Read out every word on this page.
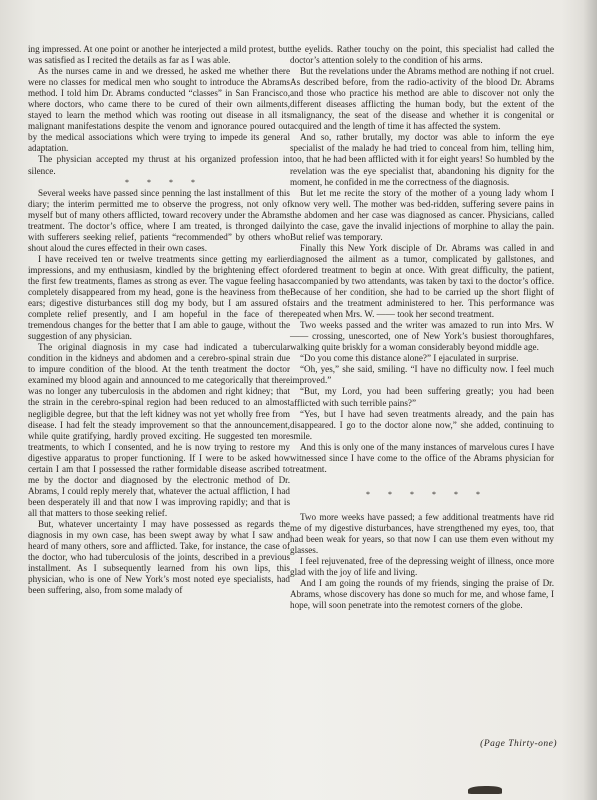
ing impressed. At one point or another he interjected a mild protest, but was satisfied as I recited the details as far as I was able.

As the nurses came in and we dressed, he asked me whether there were no classes for medical men who sought to introduce the Abrams method. I told him Dr. Abrams conducted “classes” in San Francisco, where doctors, who came there to be cured of their own ailments, stayed to learn the method which was rooting out disease in all its malignant manifestations despite the venom and ignorance poured out by the medical associations which were trying to impede its general adaptation.

The physician accepted my thrust at his organized profession in silence.

* * * *

Several weeks have passed since penning the last installment of this diary; the interim permitted me to observe the progress, not only of myself but of many others afflicted, toward recovery under the Abrams treatment. The doctor’s office, where I am treated, is thronged daily with sufferers seeking relief, patients “recommended” by others who shout aloud the cures effected in their own cases.

I have received ten or twelve treatments since getting my earlier impressions, and my enthusiasm, kindled by the brightening effect of the first few treatments, flames as strong as ever. The vague feeling has completely disappeared from my head, gone is the heaviness from the ears; digestive disturbances still dog my body, but I am assured of complete relief presently, and I am hopeful in the face of the tremendous changes for the better that I am able to gauge, without the suggestion of any physician.

The original diagnosis in my case had indicated a tubercular condition in the kidneys and abdomen and a cerebro-spinal strain due to impure condition of the blood. At the tenth treatment the doctor examined my blood again and announced to me categorically that there was no longer any tuberculosis in the abdomen and right kidney; that the strain in the cerebro-spinal region had been reduced to an almost negligible degree, but that the left kidney was not yet wholly free from disease. I had felt the steady improvement so that the announcement, while quite gratifying, hardly proved exciting. He suggested ten more treatments, to which I consented, and he is now trying to restore my digestive apparatus to proper functioning. If I were to be asked how certain I am that I possessed the rather formidable disease ascribed to me by the doctor and diagnosed by the electronic method of Dr. Abrams, I could reply merely that, whatever the actual affliction, I had been desperately ill and that now I was improving rapidly; and that is all that matters to those seeking relief.

But, whatever uncertainty I may have possessed as regards the diagnosis in my own case, has been swept away by what I saw and heard of many others, sore and afflicted. Take, for instance, the case of the doctor, who had tuberculosis of the joints, described in a previous installment. As I subsequently learned from his own lips, this physician, who is one of New York’s most noted eye specialists, had been suffering, also, from some malady of

the eyelids. Rather touchy on the point, this specialist had called the doctor’s attention solely to the condition of his arms.

But the revelations under the Abrams method are nothing if not cruel. As described before, from the radio-activity of the blood Dr. Abrams and those who practice his method are able to discover not only the different diseases afflicting the human body, but the extent of the malignancy, the seat of the disease and whether it is congenital or acquired and the length of time it has affected the system.

And so, rather brutally, my doctor was able to inform the eye specialist of the malady he had tried to conceal from him, telling him, too, that he had been afflicted with it for eight years! So humbled by the revelation was the eye specialist that, abandoning his dignity for the moment, he confided in me the correctness of the diagnosis.

But let me recite the story of the mother of a young lady whom I know very well. The mother was bed-ridden, suffering severe pains in the abdomen and her case was diagnosed as cancer. Physicians, called into the case, gave the invalid injections of morphine to allay the pain. But relief was temporary.

Finally this New York disciple of Dr. Abrams was called in and diagnosed the ailment as a tumor, complicated by gallstones, and ordered treatment to begin at once. With great difficulty, the patient, accompanied by two attendants, was taken by taxi to the doctor’s office. Because of her condition, she had to be carried up the short flight of stairs and the treatment administered to her. This performance was repeated when Mrs. W. —— took her second treatment.

Two weeks passed and the writer was amazed to run into Mrs. W—— crossing, unescorted, one of New York’s busiest thoroughfares, walking quite briskly for a woman considerably beyond middle age.

“Do you come this distance alone?” I ejaculated in surprise.

“Oh, yes,” she said, smiling. “I have no difficulty now. I feel much improved.”

“But, my Lord, you had been suffering greatly; you had been afflicted with such terrible pains?”

“Yes, but I have had seven treatments already, and the pain has disappeared. I go to the doctor alone now,” she added, continuing to smile.

And this is only one of the many instances of marvelous cures I have witnessed since I have come to the office of the Abrams physician for treatment.

* * * * * *

Two more weeks have passed; a few additional treatments have rid me of my digestive disturbances, have strengthened my eyes, too, that had been weak for years, so that now I can use them even without my glasses.

I feel rejuvenated, free of the depressing weight of illness, once more glad with the joy of life and living.

And I am going the rounds of my friends, singing the praise of Dr. Abrams, whose discovery has done so much for me, and whose fame, I hope, will soon penetrate into the remotest corners of the globe.

(Page Thirty-one)
